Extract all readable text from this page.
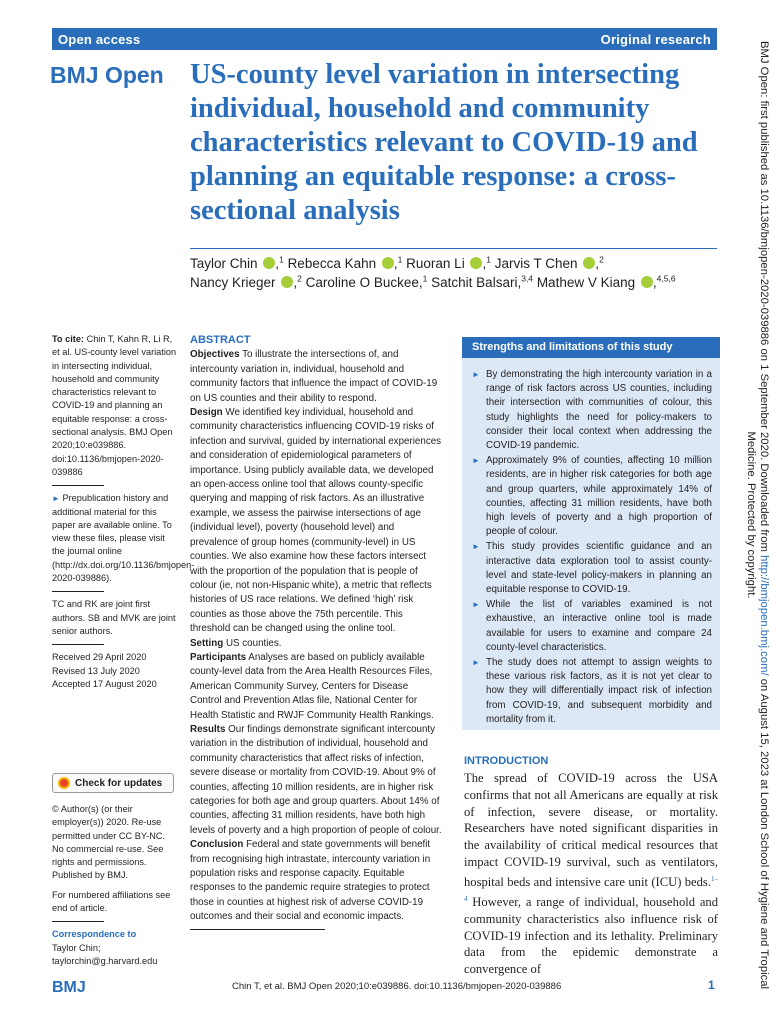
Open access	Original research
BMJ Open US-county level variation in intersecting individual, household and community characteristics relevant to COVID-19 and planning an equitable response: a cross-sectional analysis
Taylor Chin ,$^1$ Rebecca Kahn ,$^1$ Ruoran Li ,$^1$ Jarvis T Chen ,$^2$
Nancy Krieger ,$^2$ Caroline O Buckee,$^1$ Satchit Balsari,$^{3,4}$ Mathew V Kiang ,$^{4,5,6}$
To cite: Chin T, Kahn R, Li R, et al. US-county level variation in intersecting individual, household and community characteristics relevant to COVID-19 and planning an equitable response: a cross-sectional analysis. BMJ Open 2020;10:e039886. doi:10.1136/bmjopen-2020-039886
► Prepublication history and additional material for this paper are available online. To view these files, please visit the journal online (http://dx.doi.org/10.1136/bmjopen-2020-039886).
TC and RK are joint first authors. SB and MVK are joint senior authors.
Received 29 April 2020
Revised 13 July 2020
Accepted 17 August 2020
Check for updates
© Author(s) (or their employer(s)) 2020. Re-use permitted under CC BY-NC. No commercial re-use. See rights and permissions. Published by BMJ.
For numbered affiliations see end of article.
Correspondence to
Taylor Chin;
taylorchin@g.harvard.edu
ABSTRACT
Objectives To illustrate the intersections of, and intercounty variation in, individual, household and community factors that influence the impact of COVID-19 on US counties and their ability to respond.
Design We identified key individual, household and community characteristics influencing COVID-19 risks of infection and survival, guided by international experiences and consideration of epidemiological parameters of importance. Using publicly available data, we developed an open-access online tool that allows county-specific querying and mapping of risk factors. As an illustrative example, we assess the pairwise intersections of age (individual level), poverty (household level) and prevalence of group homes (community-level) in US counties. We also examine how these factors intersect with the proportion of the population that is people of colour (ie, not non-Hispanic white), a metric that reflects histories of US race relations. We defined ‘high’ risk counties as those above the 75th percentile. This threshold can be changed using the online tool.
Setting US counties.
Participants Analyses are based on publicly available county-level data from the Area Health Resources Files, American Community Survey, Centers for Disease Control and Prevention Atlas file, National Center for Health Statistic and RWJF Community Health Rankings.
Results Our findings demonstrate significant intercounty variation in the distribution of individual, household and community characteristics that affect risks of infection, severe disease or mortality from COVID-19. About 9% of counties, affecting 10 million residents, are in higher risk categories for both age and group quarters. About 14% of counties, affecting 31 million residents, have both high levels of poverty and a high proportion of people of colour.
Conclusion Federal and state governments will benefit from recognising high intrastate, intercounty variation in population risks and response capacity. Equitable responses to the pandemic require strategies to protect those in counties at highest risk of adverse COVID-19 outcomes and their social and economic impacts.
Strengths and limitations of this study
► By demonstrating the high intercounty variation in a range of risk factors across US counties, including their intersection with communities of colour, this study highlights the need for policy-makers to consider their local context when addressing the COVID-19 pandemic.
► Approximately 9% of counties, affecting 10 million residents, are in higher risk categories for both age and group quarters, while approximately 14% of counties, affecting 31 million residents, have both high levels of poverty and a high proportion of people of colour.
► This study provides scientific guidance and an interactive data exploration tool to assist county-level and state-level policy-makers in planning an equitable response to COVID-19.
► While the list of variables examined is not exhaustive, an interactive online tool is made available for users to examine and compare 24 county-level characteristics.
► The study does not attempt to assign weights to these various risk factors, as it is not yet clear to how they will differentially impact risk of infection from COVID-19, and subsequent morbidity and mortality from it.
INTRODUCTION

The spread of COVID-19 across the USA confirms that not all Americans are equally at risk of infection, severe disease, or mortality. Researchers have noted significant disparities in the availability of critical medical resources that impact COVID-19 survival, such as ventilators, hospital beds and intensive care unit (ICU) beds.$^{1-4}$ However, a range of individual, household and community characteristics also influence risk of COVID-19 infection and its lethality. Preliminary data from the epidemic demonstrate a convergence of

BMJ Open: first published as 10.1136/bmjopen-2020-039886 on 1 September 2020. Downloaded from http://bmjopen.bmj.com/ on August 15, 2023 at London School of Hygiene and Tropical
Medicine. Protected by copyright.
BMJ	Chin T, et al. BMJ Open 2020;10:e039886. doi:10.1136/bmjopen-2020-039886	1
